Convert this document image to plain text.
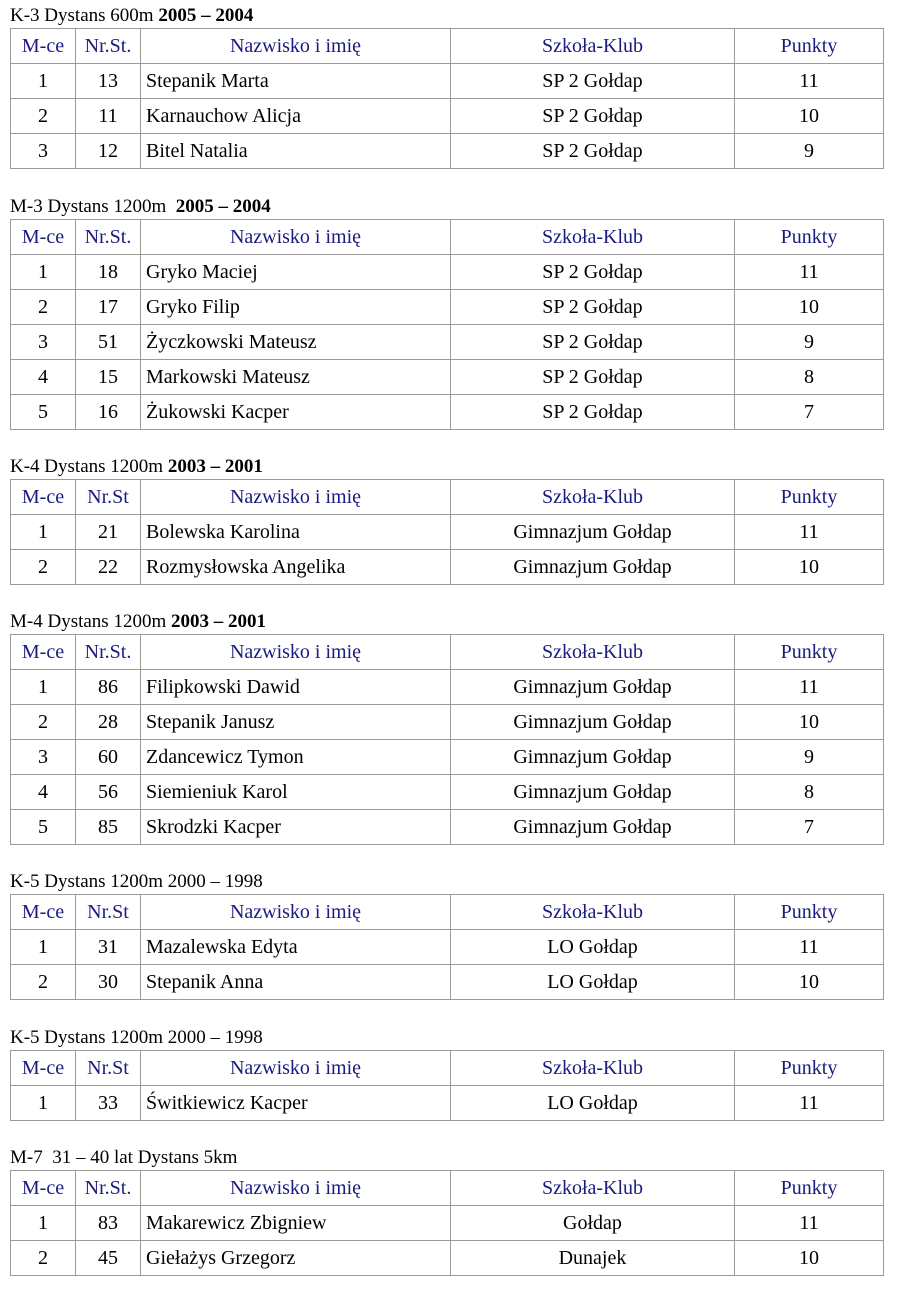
K-3 Dystans 600m 2005 – 2004
M-ce	Nr.St.	Nazwisko i imię	Szkoła-Klub	Punkty
1	13	Stepanik Marta	SP 2 Gołdap	11
2	11	Karnauchow Alicja	SP 2 Gołdap	10
3	12	Bitel Natalia	SP 2 Gołdap	9
M-3 Dystans 1200m  2005 – 2004
M-ce	Nr.St.	Nazwisko i imię	Szkoła-Klub	Punkty
1	18	Gryko Maciej	SP 2 Gołdap	11
2	17	Gryko Filip	SP 2 Gołdap	10
3	51	Życzkowski Mateusz	SP 2 Gołdap	9
4	15	Markowski Mateusz	SP 2 Gołdap	8
5	16	Żukowski Kacper	SP 2 Gołdap	7
K-4 Dystans 1200m 2003 – 2001
M-ce	Nr.St	Nazwisko i imię	Szkoła-Klub	Punkty
1	21	Bolewska Karolina	Gimnazjum Gołdap	11
2	22	Rozmysłowska Angelika	Gimnazjum Gołdap	10
M-4 Dystans 1200m 2003 – 2001
M-ce	Nr.St.	Nazwisko i imię	Szkoła-Klub	Punkty
1	86	Filipkowski Dawid	Gimnazjum Gołdap	11
2	28	Stepanik Janusz	Gimnazjum Gołdap	10
3	60	Zdancewicz Tymon	Gimnazjum Gołdap	9
4	56	Siemieniuk Karol	Gimnazjum Gołdap	8
5	85	Skrodzki Kacper	Gimnazjum Gołdap	7
K-5 Dystans 1200m 2000 – 1998
M-ce	Nr.St	Nazwisko i imię	Szkoła-Klub	Punkty
1	31	Mazalewska Edyta	LO Gołdap	11
2	30	Stepanik Anna	LO Gołdap	10
K-5 Dystans 1200m 2000 – 1998
M-ce	Nr.St	Nazwisko i imię	Szkoła-Klub	Punkty
1	33	Świtkiewicz Kacper	LO Gołdap	11
M-7  31 – 40 lat Dystans 5km
M-ce	Nr.St.	Nazwisko i imię	Szkoła-Klub	Punkty
1	83	Makarewicz Zbigniew	Gołdap	11
2	45	Giełażys Grzegorz	Dunajek	10
